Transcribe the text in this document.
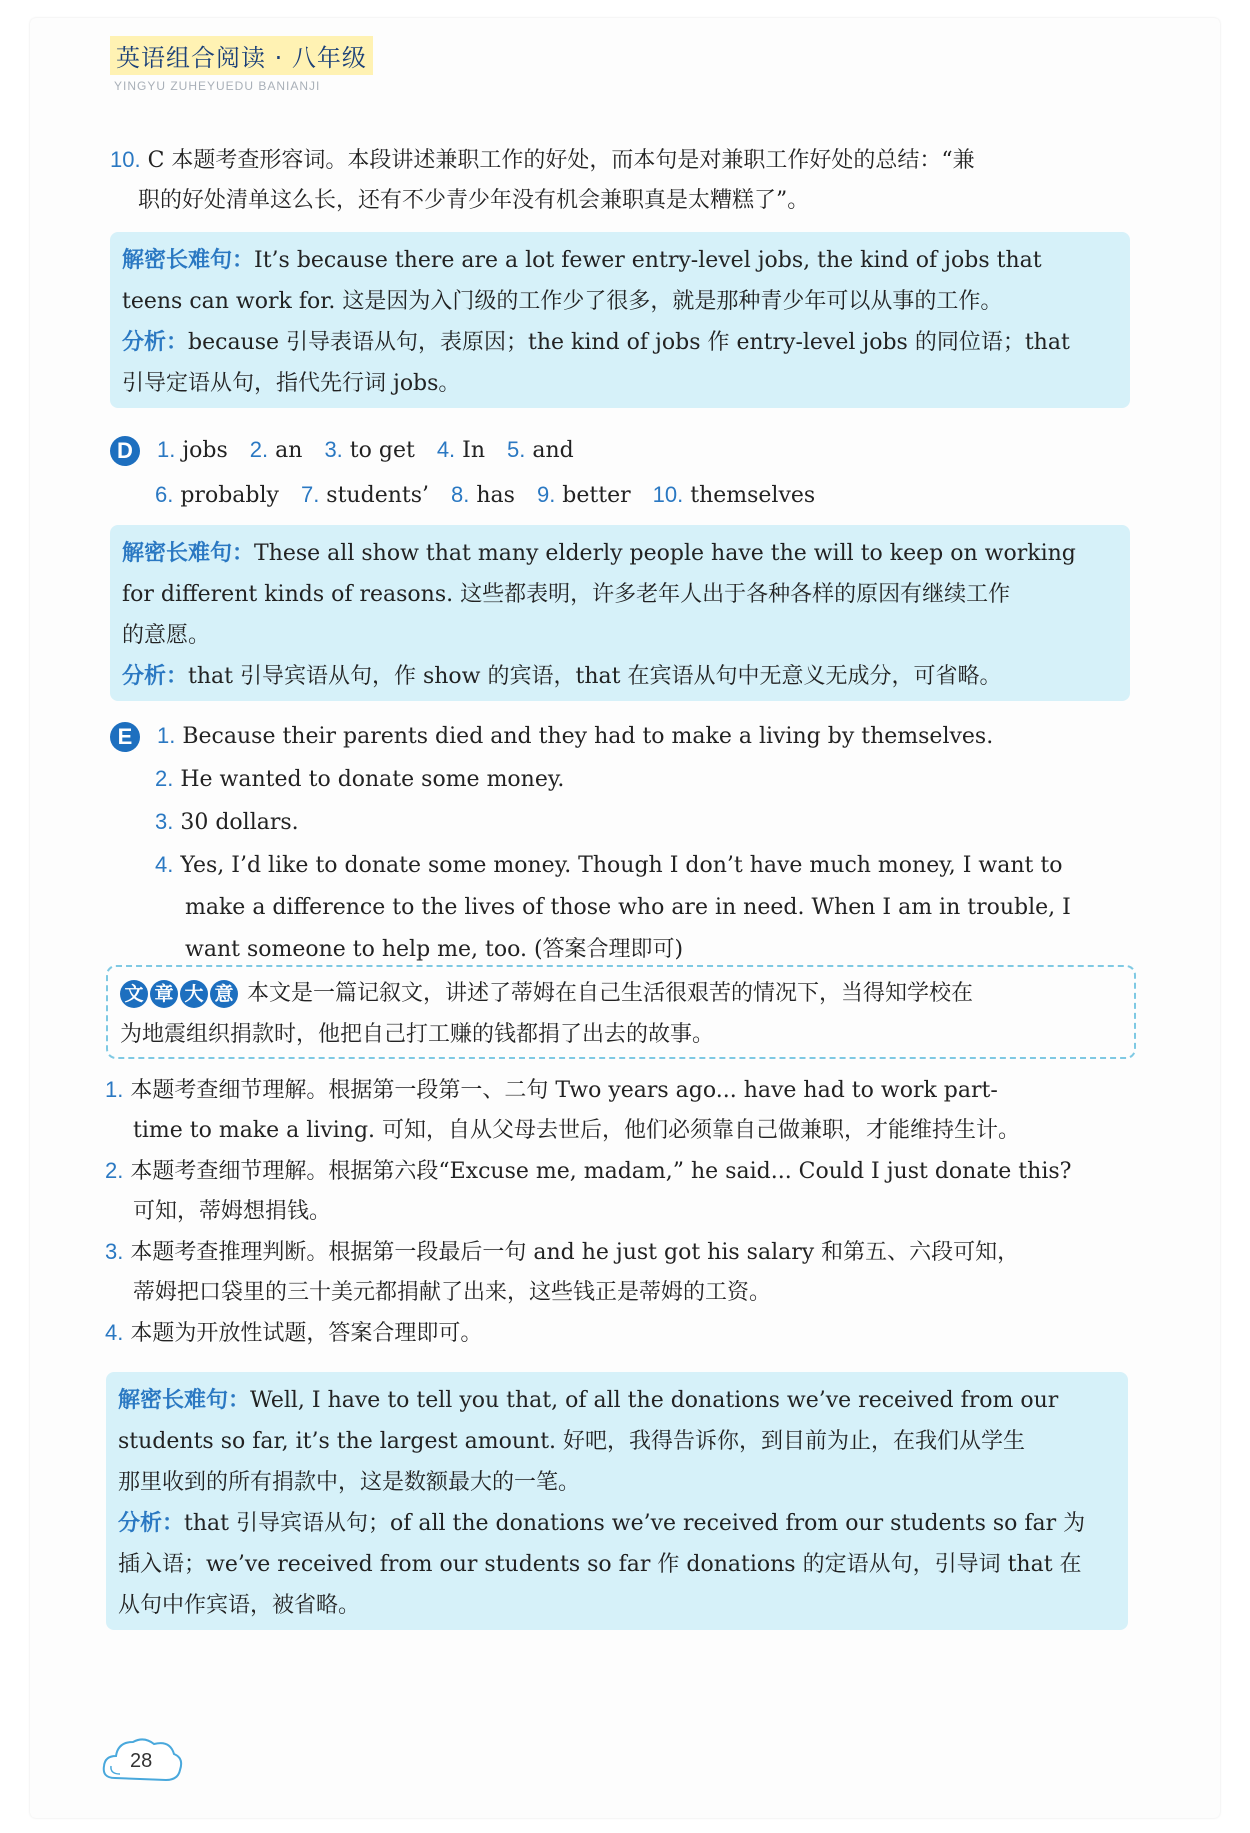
英语组合阅读 · 八年级
YINGYU ZUHEYUEDU BANIANJI
10. C 本题考查形容词。本段讲述兼职工作的好处，而本句是对兼职工作好处的总结：“兼
职的好处清单这么长，还有不少青少年没有机会兼职真是太糟糕了”。

解密长难句：It’s because there are a lot fewer entry-level jobs, the kind of jobs that

teens can work for. 这是因为入门级的工作少了很多，就是那种青少年可以从事的工作。

分析：because 引导表语从句，表原因；the kind of jobs 作 entry-level jobs 的同位语；that

引导定语从句，指代先行词 jobs。

D 1. jobs 2. an 3. to get 4. In 5. and
6. probably 7. students’ 8. has 9. better 10. themselves

解密长难句：These all show that many elderly people have the will to keep on working

for different kinds of reasons. 这些都表明，许多老年人出于各种各样的原因有继续工作

的意愿。

分析：that 引导宾语从句，作 show 的宾语，that 在宾语从句中无意义无成分，可省略。

E 1. Because their parents died and they had to make a living by themselves.
2. He wanted to donate some money.
3. 30 dollars.
4. Yes, I’d like to donate some money. Though I don’t have much money, I want to
make a difference to the lives of those who are in need. When I am in trouble, I
want someone to help me, too. (答案合理即可)

文 章 大 意 本文是一篇记叙文，讲述了蒂姆在自己生活很艰苦的情况下，当得知学校在

为地震组织捐款时，他把自己打工赚的钱都捐了出去的故事。

1. 本题考查细节理解。根据第一段第一、二句 Two years ago... have had to work part-
time to make a living. 可知，自从父母去世后，他们必须靠自己做兼职，才能维持生计。
2. 本题考查细节理解。根据第六段“Excuse me, madam,” he said... Could I just donate this?
可知，蒂姆想捐钱。
3. 本题考查推理判断。根据第一段最后一句 and he just got his salary 和第五、六段可知，
蒂姆把口袋里的三十美元都捐献了出来，这些钱正是蒂姆的工资。
4. 本题为开放性试题，答案合理即可。

解密长难句：Well, I have to tell you that, of all the donations we’ve received from our

students so far, it’s the largest amount. 好吧，我得告诉你，到目前为止，在我们从学生

那里收到的所有捐款中，这是数额最大的一笔。

分析：that 引导宾语从句；of all the donations we’ve received from our students so far 为

插入语；we’ve received from our students so far 作 donations 的定语从句，引导词 that 在

从句中作宾语，被省略。

28
